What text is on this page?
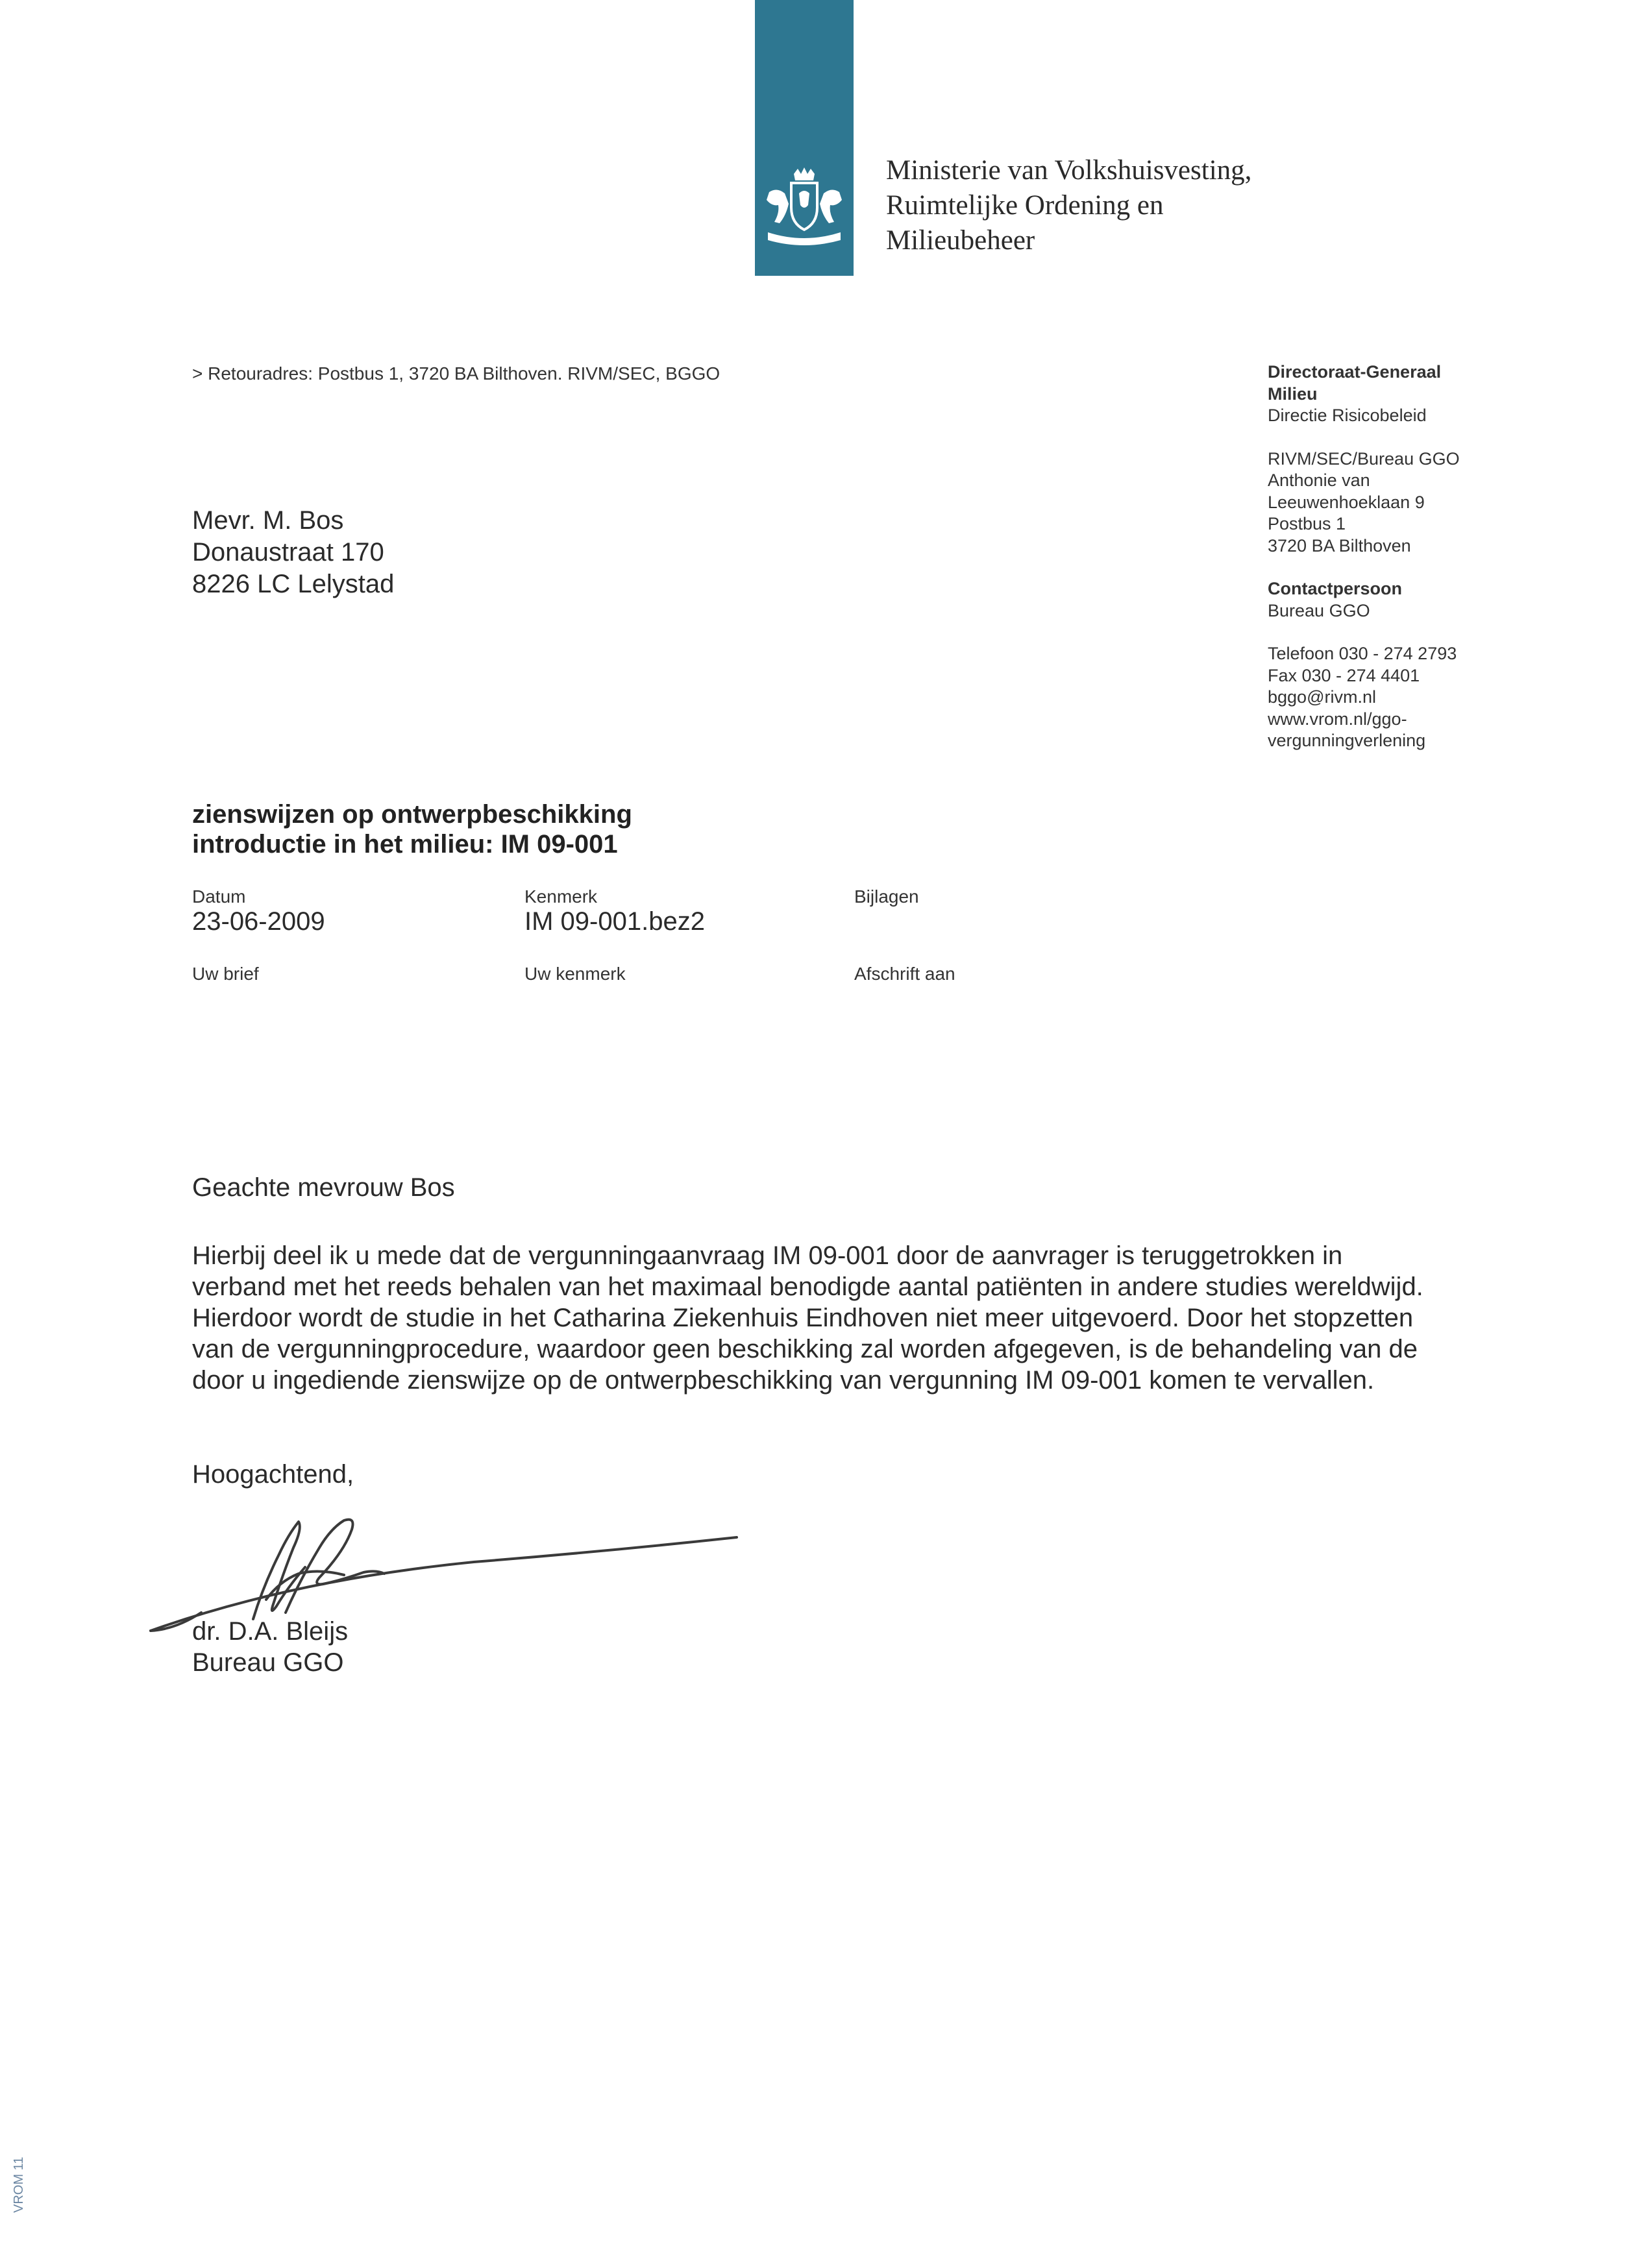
Ministerie van Volkshuisvesting,
Ruimtelijke Ordening en
Milieubeheer
> Retouradres: Postbus 1, 3720 BA Bilthoven. RIVM/SEC, BGGO
Mevr. M. Bos
Donaustraat 170
8226 LC Lelystad
Directoraat-Generaal
Milieu
Directie Risicobeleid
RIVM/SEC/Bureau GGO
Anthonie van
Leeuwenhoeklaan 9
Postbus 1
3720 BA Bilthoven
Contactpersoon
Bureau GGO
Telefoon 030 - 274 2793
Fax 030 - 274 4401
bggo@rivm.nl
www.vrom.nl/ggo-
vergunningverlening
zienswijzen op ontwerpbeschikking
introductie in het milieu: IM 09-001
Datum
23-06-2009
Kenmerk
IM 09-001.bez2
Bijlagen
Uw brief	Uw kenmerk	Afschrift aan
Geachte mevrouw Bos
Hierbij deel ik u mede dat de vergunningaanvraag IM 09-001 door de aanvrager is teruggetrokken in
verband met het reeds behalen van het maximaal benodigde aantal patiënten in andere studies wereldwijd.
Hierdoor wordt de studie in het Catharina Ziekenhuis Eindhoven niet meer uitgevoerd. Door het stopzetten
van de vergunningprocedure, waardoor geen beschikking zal worden afgegeven, is de behandeling van de
door u ingediende zienswijze op de ontwerpbeschikking van vergunning IM 09-001 komen te vervallen.
Hoogachtend,
dr. D.A. Bleijs
Bureau GGO
VROM 11
